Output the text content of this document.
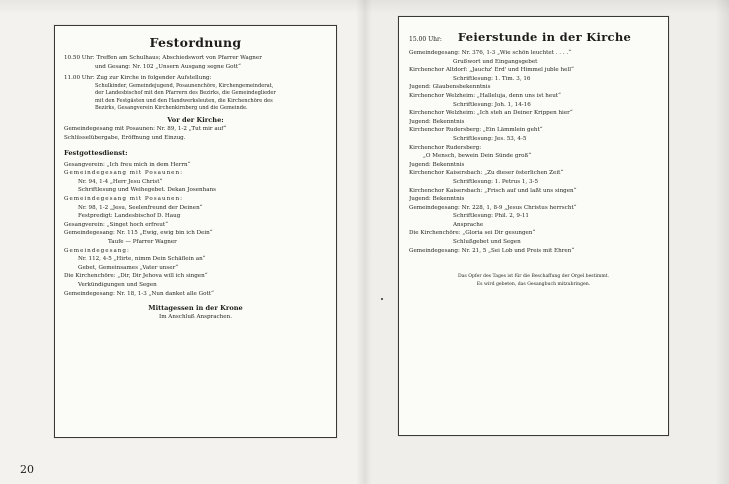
Festordnung
10.50 Uhr: Treffen am Schulhaus; Abschiedswort von Pfarrer Wagner
und Gesang: Nr. 102 „Unsern Ausgang segne Gott“
11.00 Uhr: Zug zur Kirche in folgender Aufstellung:
Schulkinder, Gemeindejugend, Posaunenchöre, Kirchengemeinderat,
der Landesbischof mit den Pfarrern des Bezirks, die Gemeindeglieder
mit den Festgästen und den Handwerksleuten, die Kirchenchöre des
Bezirks, Gesangverein Kirchenkirnberg und die Gemeinde.
Vor der Kirche:
Gemeindegesang mit Posaunen: Nr. 89, 1-2 „Tut mir auf“
Schlüsselübergabe, Eröffnung und Einzug.
Festgottesdienst:
Gesangverein: „Ich freu mich in dem Herrn“
Gemeindegesang mit Posaunen:
Nr. 94, 1-4 „Herr Jesu Christ“
Schriftlesung und Weihegebet. Dekan Josenhans
Gemeindegesang mit Posaunen:
Nr. 98, 1-2 „Jesu, Seelenfreund der Deinen“
Festpredigt: Landesbischof D. Haug
Gesangverein: „Singet hoch erfreut“
Gemeindegesang: Nr. 115 „Ewig, ewig bin ich Dein“
Taufe — Pfarrer Wagner
Gemeindegesang:
Nr. 112, 4-5 „Hirte, nimm Dein Schäflein an“
Gebet, Gemeinsames „Vater unser“
Die Kirchenchöre: „Dir, Dir Jehova will ich singen“
Verkündigungen und Segen
Gemeindegesang: Nr. 18, 1-3 „Nun danket alle Gott“
Mittagessen in der Krone
Im Anschluß Ansprachen.
15.00 Uhr: Feierstunde in der Kirche
Gemeindegesang: Nr. 376, 1-3 „Wie schön leuchtet . . . .“
Grußwort und Eingangsgebet
Kirchenchor Altdorf: „Jauchz' Erd' und Himmel juble hell“
Schriftlesung: 1. Tim. 3, 16
Jugend: Glaubensbekenntnis
Kirchenchor Welzheim: „Halleluja, denn uns ist heut“
Schriftlesung: Joh. 1, 14-16
Kirchenchor Welzheim: „Ich steh an Deiner Krippen hier“
Jugend: Bekenntnis
Kirchenchor Rudersberg: „Ein Lämmlein geht“
Schriftlesung: Jes. 53, 4-5
Kirchenchor Rudersberg:
„O Mensch, bewein Dein Sünde groß“
Jugend: Bekenntnis
Kirchenchor Kaisersbach: „Zu dieser österlichen Zeit“
Schriftlesung: 1. Petrus 1, 3-5
Kirchenchor Kaisersbach: „Frisch auf und laßt uns singen“
Jugend: Bekenntnis
Gemeindegesang: Nr. 228, 1, 8-9 „Jesus Christus herrscht“
Schriftlesung: Phil. 2, 9-11
Ansprache
Die Kirchenchöre: „Gloria sei Dir gesungen“
Schlußgebet und Segen
Gemeindegesang: Nr. 21, 5 „Sei Lob und Preis mit Ehren“
Das Opfer des Tages ist für die Beschaffung der Orgel bestimmt.
Es wird gebeten, das Gesangbuch mitzubringen.
20
